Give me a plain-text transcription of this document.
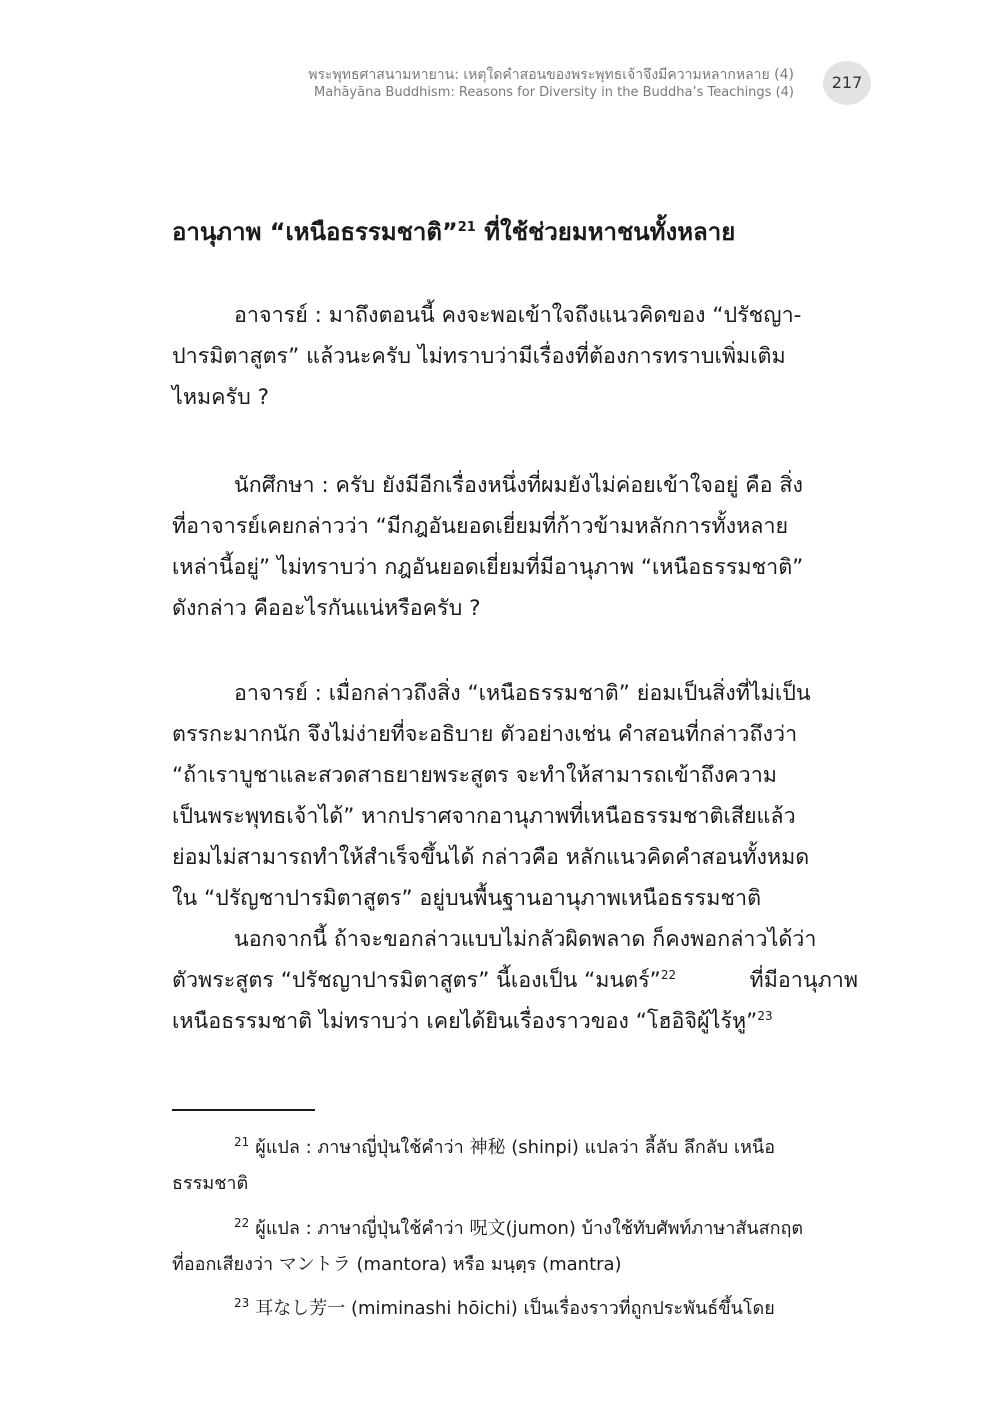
พระพุทธศาสนามหายาน: เหตุใดคำสอนของพระพุทธเจ้าจึงมีความหลากหลาย (4)
Mahāyāna Buddhism: Reasons for Diversity in the Buddha’s Teachings (4)
217
อานุภาพ “เหนือธรรมชาติ”$^{21}$ ที่ใช้ช่วยมหาชนทั้งหลาย
อาจารย์ : มาถึงตอนนี้ คงจะพอเข้าใจถึงแนวคิดของ “ปรัชญา-
ปารมิตาสูตร” แล้วนะครับ ไม่ทราบว่ามีเรื่องที่ต้องการทราบเพิ่มเติม
ไหมครับ ?
นักศึกษา : ครับ ยังมีอีกเรื่องหนึ่งที่ผมยังไม่ค่อยเข้าใจอยู่ คือ สิ่ง
ที่อาจารย์เคยกล่าวว่า “มีกฎอันยอดเยี่ยมที่ก้าวข้ามหลักการทั้งหลาย
เหล่านี้อยู่” ไม่ทราบว่า กฎอันยอดเยี่ยมที่มีอานุภาพ “เหนือธรรมชาติ”
ดังกล่าว คืออะไรกันแน่หรือครับ ?
อาจารย์ : เมื่อกล่าวถึงสิ่ง “เหนือธรรมชาติ” ย่อมเป็นสิ่งที่ไม่เป็น
ตรรกะมากนัก จึงไม่ง่ายที่จะอธิบาย ตัวอย่างเช่น คำสอนที่กล่าวถึงว่า
“ถ้าเราบูชาและสวดสาธยายพระสูตร จะทำให้สามารถเข้าถึงความ
เป็นพระพุทธเจ้าได้” หากปราศจากอานุภาพที่เหนือธรรมชาติเสียแล้ว
ย่อมไม่สามารถทำให้สำเร็จขึ้นได้ กล่าวคือ หลักแนวคิดคำสอนทั้งหมด
ใน “ปรัญชาปารมิตาสูตร” อยู่บนพื้นฐานอานุภาพเหนือธรรมชาติ
นอกจากนี้ ถ้าจะขอกล่าวแบบไม่กลัวผิดพลาด ก็คงพอกล่าวได้ว่า
ตัวพระสูตร “ปรัชญาปารมิตาสูตร” นี้เองเป็น “มนตร์”$^{22}$	ที่มีอานุภาพ
เหนือธรรมชาติ ไม่ทราบว่า เคยได้ยินเรื่องราวของ “โฮอิจิผู้ไร้หู”$^{23}$
$^{21}$ ผู้แปล : ภาษาญี่ปุ่นใช้คำว่า 神秘 (shinpi) แปลว่า ลี้ลับ ลึกลับ เหนือ
ธรรมชาติ
$^{22}$ ผู้แปล : ภาษาญี่ปุ่นใช้คำว่า 呪文(jumon) บ้างใช้ทับศัพท์ภาษาสันสกฤต
ที่ออกเสียงว่า マントラ (mantora) หรือ มนฺตฺร (mantra)
$^{23}$ 耳なし芳一 (miminashi hōichi) เป็นเรื่องราวที่ถูกประพันธ์ขึ้นโดย
